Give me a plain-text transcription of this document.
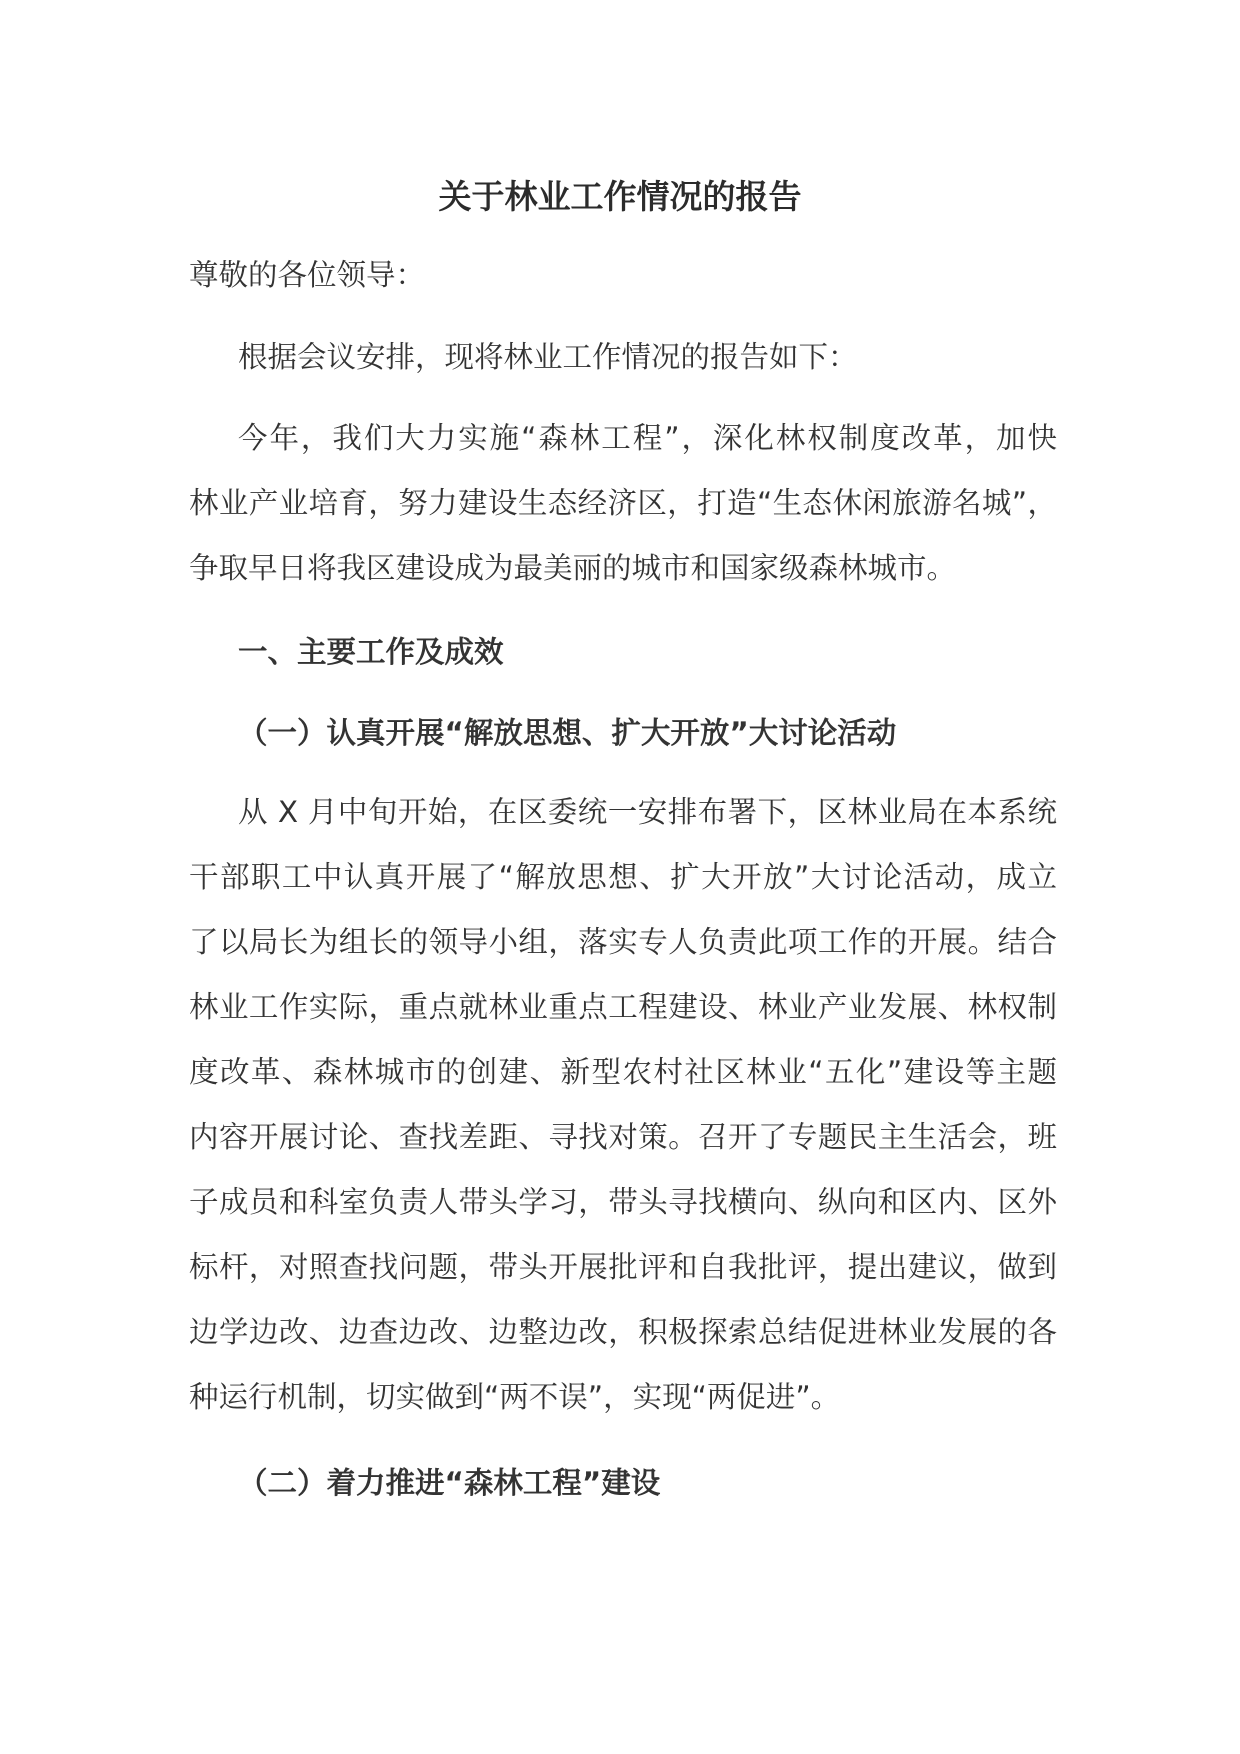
关于林业工作情况的报告
尊敬的各位领导：
根据会议安排，现将林业工作情况的报告如下：
今年，我们大力实施“森林工程”，深化林权制度改革，加快
林业产业培育，努力建设生态经济区，打造“生态休闲旅游名城”，
争取早日将我区建设成为最美丽的城市和国家级森林城市。
一、主要工作及成效
（一）认真开展“解放思想、扩大开放”大讨论活动
从 X 月中旬开始，在区委统一安排布署下，区林业局在本系统
干部职工中认真开展了“解放思想、扩大开放”大讨论活动，成立
了以局长为组长的领导小组，落实专人负责此项工作的开展。结合
林业工作实际，重点就林业重点工程建设、林业产业发展、林权制
度改革、森林城市的创建、新型农村社区林业“五化”建设等主题
内容开展讨论、查找差距、寻找对策。召开了专题民主生活会，班
子成员和科室负责人带头学习，带头寻找横向、纵向和区内、区外
标杆，对照查找问题，带头开展批评和自我批评，提出建议，做到
边学边改、边查边改、边整边改，积极探索总结促进林业发展的各
种运行机制，切实做到“两不误”，实现“两促进”。
（二）着力推进“森林工程”建设
